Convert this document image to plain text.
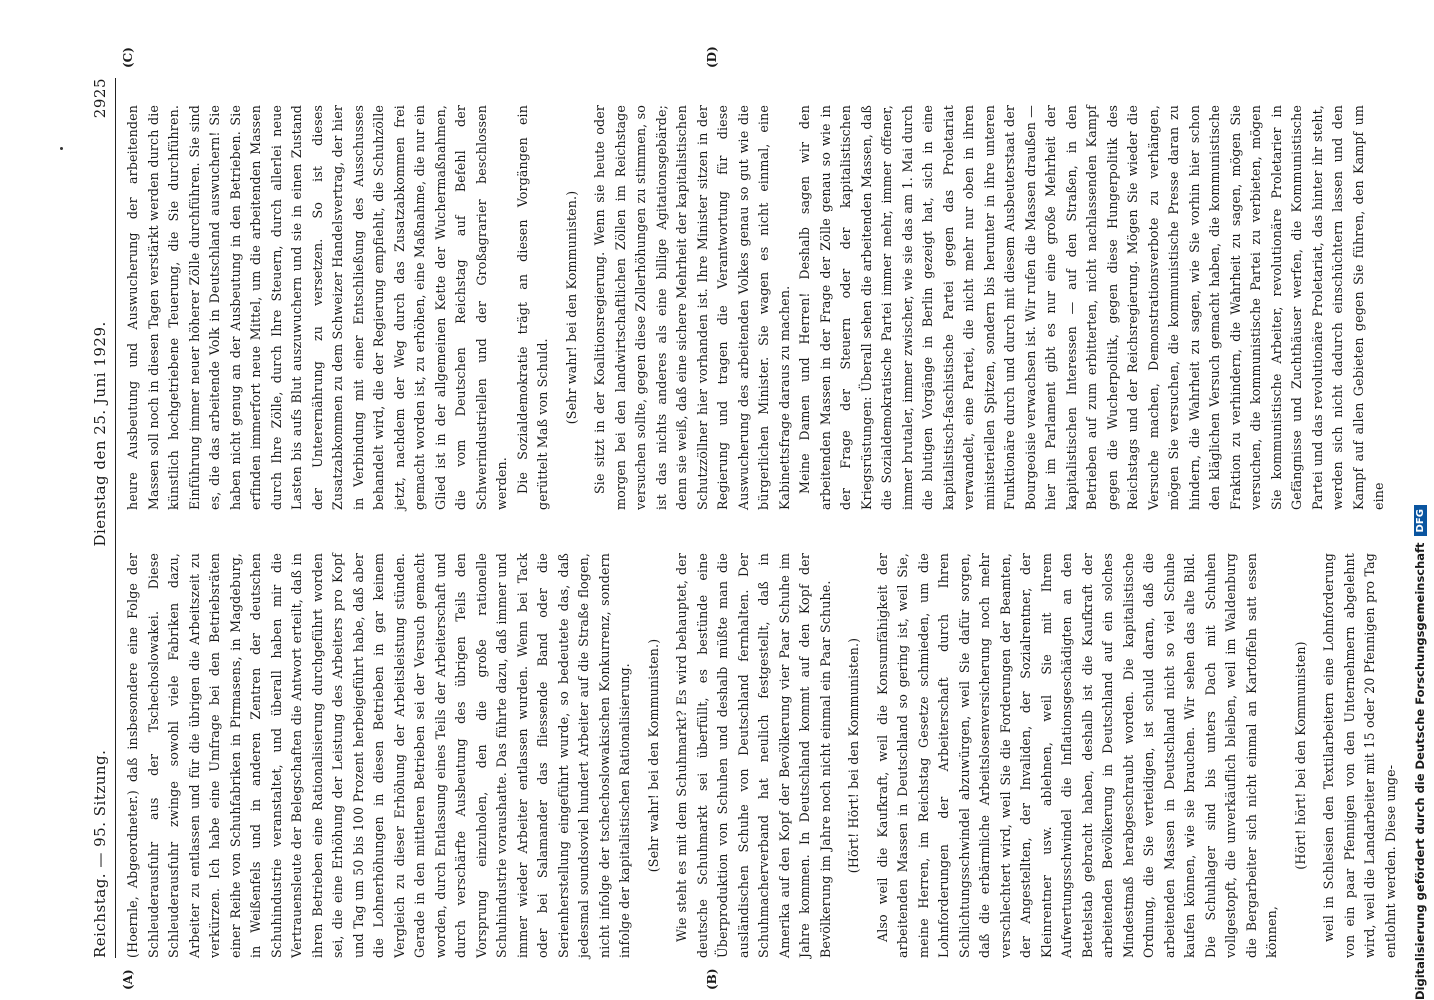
Reichstag. — 95. Sitzung.
Dienstag den 25. Juni 1929.
2925
(A)	(B)
(C)	(D)

(Hoernle, Abgeordneter.) daß insbesondere eine Folge der Schleuderausfuhr aus der Tschechoslowakei. Diese Schleuderausfuhr zwinge sowohl viele Fabriken dazu, Arbeiter zu entlassen und für die übrigen die Arbeitszeit zu verkürzen. Ich habe eine Umfrage bei den Betriebsräten einer Reihe von Schuhfabriken in Pirmasens, in Magdeburg, in Weißenfels und in anderen Zentren der deutschen Schuhindustrie veranstaltet, und überall haben mir die Vertrauensleute der Belegschaften die Antwort erteilt, daß in ihren Betrieben eine Rationalisierung durchgeführt worden sei, die eine Erhöhung der Leistung des Arbeiters pro Kopf und Tag um 50 bis 100 Prozent herbeigeführt habe, daß aber die Lohnerhöhungen in diesen Betrieben in gar keinem Vergleich zu dieser Erhöhung der Arbeitsleistung stünden. Gerade in den mittleren Betrieben sei der Versuch gemacht worden, durch Entlassung eines Teils der Arbeiterschaft und durch verschärfte Ausbeutung des übrigen Teils den Vorsprung einzuholen, den die große rationelle Schuhindustrie voraushatte. Das führte dazu, daß immer und immer wieder Arbeiter entlassen wurden. Wenn bei Tack oder bei Salamander das fliessende Band oder die Serienherstellung eingeführt wurde, so bedeutete das, daß jedesmal soundsoviel hundert Arbeiter auf die Straße flogen, nicht infolge der tschechoslowakischen Konkurrenz, sondern infolge der kapitalistischen Rationalisierung. (Sehr wahr! bei den Kommunisten.) Wie steht es mit dem Schuhmarkt? Es wird behauptet, der deutsche Schuhmarkt sei überfüllt, es bestünde eine Überproduktion von Schuhen und deshalb müßte man die ausländischen Schuhe von Deutschland fernhalten. Der Schuhmacherverband hat neulich festgestellt, daß in Amerika auf den Kopf der Bevölkerung vier Paar Schuhe im Jahre kommen. In Deutschland kommt auf den Kopf der Bevölkerung im Jahre noch nicht einmal ein Paar Schuhe. (Hört! Hört! bei den Kommunisten.) Also weil die Kaufkraft, weil die Konsumfähigkeit der arbeitenden Massen in Deutschland so gering ist, weil Sie, meine Herren, im Reichstag Gesetze schmieden, um die Lohnforderungen der Arbeiterschaft durch Ihren Schlichtungsschwindel abzuwürgen, weil Sie dafür sorgen, daß die erbärmliche Arbeitslosenversicherung noch mehr verschlechtert wird, weil Sie die Forderungen der Beamten, der Angestellten, der Invaliden, der Sozialrentner, der Kleinrentner usw. ablehnen, weil Sie mit Ihrem Aufwertungsschwindel die Inflationsgeschädigten an den Bettelstab gebracht haben, deshalb ist die Kaufkraft der arbeitenden Bevölkerung in Deutschland auf ein solches Mindestmaß herabgeschraubt worden. Die kapitalistische Ordnung, die Sie verteidigen, ist schuld daran, daß die arbeitenden Massen in Deutschland nicht so viel Schuhe kaufen können, wie sie brauchen. Wir sehen das alte Bild. Die Schuhlager sind bis unters Dach mit Schuhen vollgestopft, die unverkäuflich bleiben, weil im Waldenburg die Bergarbeiter sich nicht einmal an Kartoffeln satt essen können,

(Hört! hört! bei den Kommunisten) weil in Schlesien den Textilarbeitern eine Lohnforderung von ein paar Pfennigen von den Unternehmern abgelehnt wird, weil die Landarbeiter mit 15 oder 20 Pfennigen pro Tag entlohnt werden. Diese unge-

heure Ausbeutung und Auswucherung der arbeitenden Massen soll noch in diesen Tagen verstärkt werden durch die künstlich hochgetriebene Teuerung, die Sie durchführen. Einführung immer neuer höherer Zölle durchführen. Sie sind es, die das arbeitende Volk in Deutschland auswuchern! Sie haben nicht genug an der Ausbeutung in den Betrieben. Sie erfinden immerfort neue Mittel, um die arbeitenden Massen durch Ihre Zölle, durch Ihre Steuern, durch allerlei neue Lasten bis aufs Blut auszuwuchern und sie in einen Zustand der Unterernährung zu versetzen. So ist dieses Zusatzabkommen zu dem Schweizer Handelsvertrag, der hier in Verbindung mit einer Entschließung des Ausschusses behandelt wird, die der Regierung empfiehlt, die Schuhzölle jetzt, nachdem der Weg durch das Zusatzabkommen frei gemacht worden ist, zu erhöhen, eine Maßnahme, die nur ein Glied ist in der allgemeinen Kette der Wuchermaßnahmen, die vom Deutschen Reichstag auf Befehl der Schwerindustriellen und der Großagrarier beschlossen werden. Die Sozialdemokratie trägt an diesen Vorgängen ein gerüttelt Maß von Schuld. (Sehr wahr! bei den Kommunisten.) Sie sitzt in der Koalitionsregierung. Wenn sie heute oder morgen bei den landwirtschaftlichen Zöllen im Reichstage versuchen sollte, gegen diese Zollerhöhungen zu stimmen, so ist das nichts anderes als eine billige Agitationsgebärde; denn sie weiß, daß eine sichere Mehrheit der kapitalistischen Schutzzöllner hier vorhanden ist. Ihre Minister sitzen in der Regierung und tragen die Verantwortung für diese Auswucherung des arbeitenden Volkes genau so gut wie die bürgerlichen Minister. Sie wagen es nicht einmal, eine Kabinettsfrage daraus zu machen. Meine Damen und Herren! Deshalb sagen wir den arbeitenden Massen in der Frage der Zölle genau so wie in der Frage der Steuern oder der kapitalistischen Kriegsrüstungen: Überall sehen die arbeitenden Massen, daß die Sozialdemokratische Partei immer mehr, immer offener, immer brutaler, immer zwischer, wie sie das am 1. Mai durch die blutigen Vorgänge in Berlin gezeigt hat, sich in eine kapitalistisch-faschistische Partei gegen das Proletariat verwandelt, eine Partei, die nicht mehr nur oben in ihren ministeriellen Spitzen, sondern bis herunter in ihre unteren Funktionäre durch und durch mit diesem Ausbeuterstaat der Bourgeoisie verwachsen ist. Wir rufen die Massen draußen — hier im Parlament gibt es nur eine große Mehrheit der kapitalistischen Interessen — auf den Straßen, in den Betrieben auf zum erbitterten, nicht nachlassenden Kampf gegen die Wucherpolitik, gegen diese Hungerpolitik des Reichstags und der Reichsregierung. Mögen Sie wieder die Versuche machen, Demonstrationsverbote zu verhängen, mögen Sie versuchen, die kommunistische Presse daran zu hindern, die Wahrheit zu sagen, wie Sie vorhin hier schon den kläglichen Versuch gemacht haben, die kommunistische Fraktion zu verhindern, die Wahrheit zu sagen, mögen Sie versuchen, die kommunistische Partei zu verbieten, mögen Sie kommunistische Arbeiter, revolutionäre Proletarier in Gefängnisse und Zuchthäuser werfen, die Kommunistische Partei und das revolutionäre Proletariat, das hinter ihr steht, werden sich nicht dadurch einschüchtern lassen und den Kampf auf allen Gebieten gegen Sie führen, den Kampf um eine

Digitalisierung gefördert durch die Deutsche Forschungsgemeinschaft
DFG
